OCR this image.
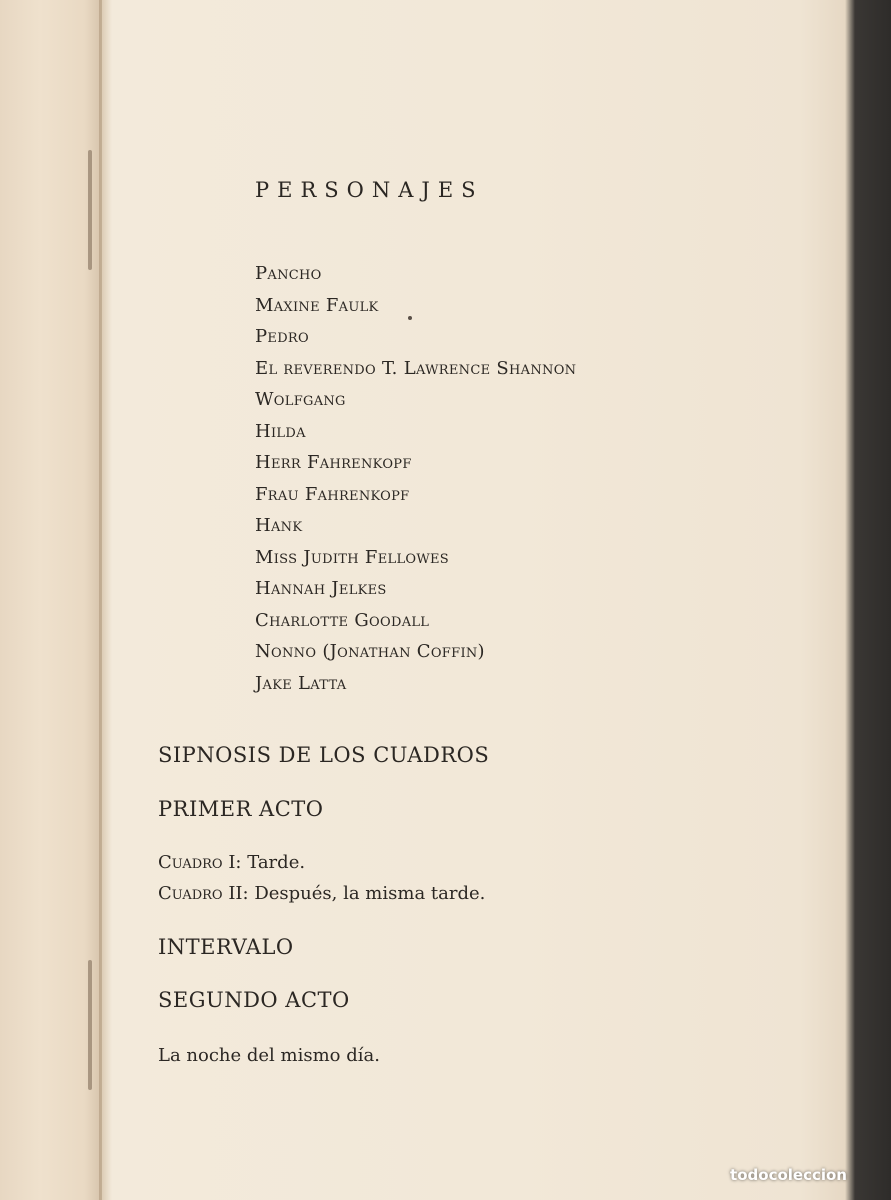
PERSONAJES
Pancho
Maxine Faulk
Pedro
El reverendo T. Lawrence Shannon
Wolfgang
Hilda
Herr Fahrenkopf
Frau Fahrenkopf
Hank
Miss Judith Fellowes
Hannah Jelkes
Charlotte Goodall
Nonno (Jonathan Coffin)
Jake Latta
SIPNOSIS DE LOS CUADROS
PRIMER ACTO
Cuadro I: Tarde.
Cuadro II: Después, la misma tarde.
INTERVALO
SEGUNDO ACTO
La noche del mismo día.
todocoleccion
